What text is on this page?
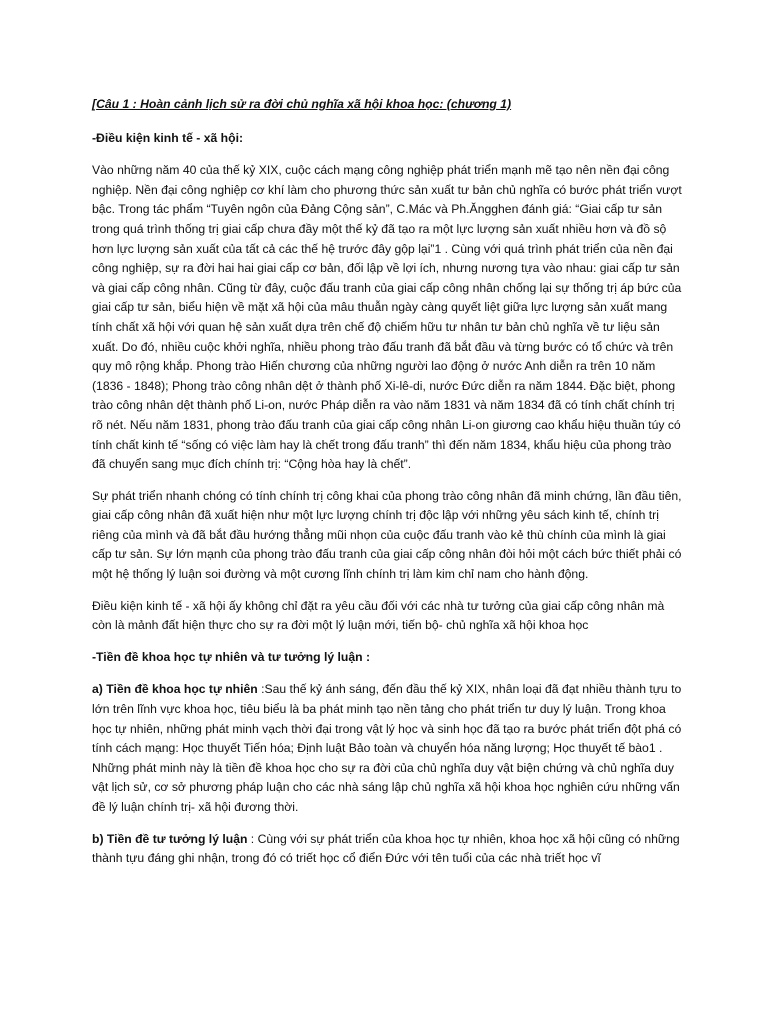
[Câu 1 : Hoàn cảnh lịch sử ra đời chủ nghĩa xã hội khoa học: (chương 1)
-Điều kiện kinh tế - xã hội:

Vào những năm 40 của thế kỷ XIX, cuộc cách mạng công nghiệp phát triển mạnh mẽ tạo nên nền đại công nghiệp. Nền đại công nghiệp cơ khí làm cho phương thức sản xuất tư bản chủ nghĩa có bước phát triển vượt bậc. Trong tác phẩm “Tuyên ngôn của Đảng Cộng sản”, C.Mác và Ph.Ăngghen đánh giá: “Giai cấp tư sản trong quá trình thống trị giai cấp chưa đầy một thế kỷ đã tạo ra một lực lượng sản xuất nhiều hơn và đồ sộ hơn lực lượng sản xuất của tất cả các thế hệ trước đây gộp lại”1 . Cùng với quá trình phát triển của nền đại công nghiệp, sự ra đời hai hai giai cấp cơ bản, đối lập về lợi ích, nhưng nương tựa vào nhau: giai cấp tư sản và giai cấp công nhân. Cũng từ đây, cuộc đấu tranh của giai cấp công nhân chống lại sự thống trị áp bức của giai cấp tư sản, biểu hiện về mặt xã hội của mâu thuẫn ngày càng quyết liệt giữa lực lượng sản xuất mang tính chất xã hội với quan hệ sản xuất dựa trên chế độ chiếm hữu tư nhân tư bản chủ nghĩa về tư liệu sản xuất. Do đó, nhiều cuộc khởi nghĩa, nhiều phong trào đấu tranh đã bắt đầu và từng bước có tổ chức và trên quy mô rộng khắp. Phong trào Hiến chương của những người lao động ở nước Anh diễn ra trên 10 năm (1836 - 1848); Phong trào công nhân dệt ở thành phố Xi-lê-di, nước Đức diễn ra năm 1844. Đặc biệt, phong trào công nhân dệt thành phố Li-on, nước Pháp diễn ra vào năm 1831 và năm 1834 đã có tính chất chính trị rõ nét. Nếu năm 1831, phong trào đấu tranh của giai cấp công nhân Li-on giương cao khẩu hiệu thuần túy có tính chất kinh tế “sống có việc làm hay là chết trong đấu tranh” thì đến năm 1834, khẩu hiệu của phong trào đã chuyển sang mục đích chính trị: “Cộng hòa hay là chết”.

Sự phát triển nhanh chóng có tính chính trị công khai của phong trào công nhân đã minh chứng, lần đầu tiên, giai cấp công nhân đã xuất hiện như một lực lượng chính trị độc lập với những yêu sách kinh tế, chính trị riêng của mình và đã bắt đầu hướng thẳng mũi nhọn của cuộc đấu tranh vào kẻ thù chính của mình là giai cấp tư sản. Sự lớn mạnh của phong trào đấu tranh của giai cấp công nhân đòi hỏi một cách bức thiết phải có một hệ thống lý luận soi đường và một cương lĩnh chính trị làm kim chỉ nam cho hành động.

Điều kiện kinh tế - xã hội ấy không chỉ đặt ra yêu cầu đối với các nhà tư tưởng của giai cấp công nhân mà còn là mảnh đất hiện thực cho sự ra đời một lý luận mới, tiến bộ- chủ nghĩa xã hội khoa học

-Tiền đề khoa học tự nhiên và tư tưởng lý luận :

a) Tiền đề khoa học tự nhiên :Sau thế kỷ ánh sáng, đến đầu thế kỷ XIX, nhân loại đã đạt nhiều thành tựu to lớn trên lĩnh vực khoa học, tiêu biểu là ba phát minh tạo nền tảng cho phát triển tư duy lý luận. Trong khoa học tự nhiên, những phát minh vạch thời đại trong vật lý học và sinh học đã tạo ra bước phát triển đột phá có tính cách mạng: Học thuyết Tiến hóa; Định luật Bảo toàn và chuyển hóa năng lượng; Học thuyết tế bào1 . Những phát minh này là tiền đề khoa học cho sự ra đời của chủ nghĩa duy vật biện chứng và chủ nghĩa duy vật lịch sử, cơ sở phương pháp luận cho các nhà sáng lập chủ nghĩa xã hội khoa học nghiên cứu những vấn đề lý luận chính trị- xã hội đương thời.

b) Tiền đề tư tưởng lý luận : Cùng với sự phát triển của khoa học tự nhiên, khoa học xã hội cũng có những thành tựu đáng ghi nhận, trong đó có triết học cổ điển Đức với tên tuổi của các nhà triết học vĩ
